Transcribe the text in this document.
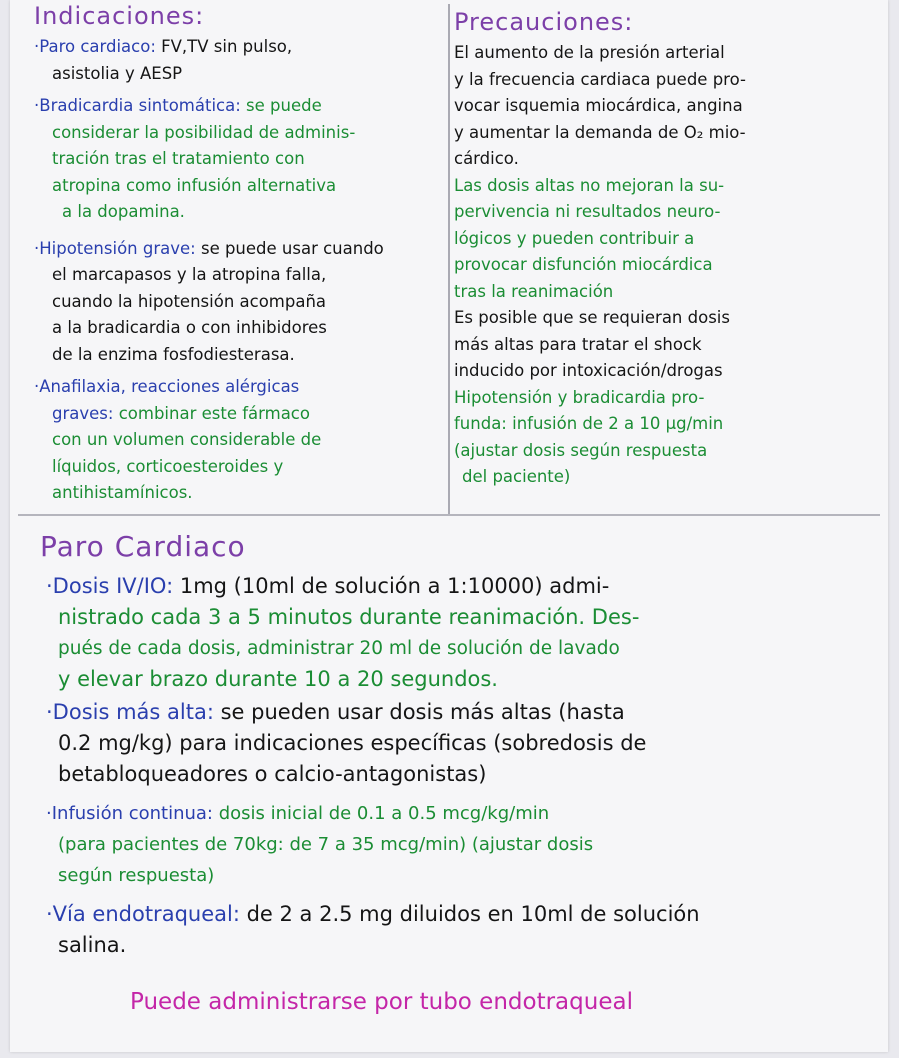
Indicaciones:

·Paro cardiaco: FV,TV sin pulso,

asistolia y AESP

·Bradicardia sintomática: se puede

considerar la posibilidad de adminis-

tración tras el tratamiento con

atropina como infusión alternativa

a la dopamina.

·Hipotensión grave: se puede usar cuando

el marcapasos y la atropina falla,

cuando la hipotensión acompaña

a la bradicardia o con inhibidores

de la enzima fosfodiesterasa.

·Anafilaxia, reacciones alérgicas

graves: combinar este fármaco

con un volumen considerable de

líquidos, corticoesteroides y

antihistamínicos.

Precauciones:

El aumento de la presión arterial

y la frecuencia cardiaca puede pro-

vocar isquemia miocárdica, angina

y aumentar la demanda de O₂ mio-

cárdico.

Las dosis altas no mejoran la su-

pervivencia ni resultados neuro-

lógicos y pueden contribuir a

provocar disfunción miocárdica

tras la reanimación

Es posible que se requieran dosis

más altas para tratar el shock

inducido por intoxicación/drogas

Hipotensión y bradicardia pro-

funda: infusión de 2 a 10 µg/min

(ajustar dosis según respuesta

del paciente)

Paro Cardiaco

·Dosis IV/IO: 1mg (10ml de solución a 1:10000) admi-

nistrado cada 3 a 5 minutos durante reanimación. Des-

pués de cada dosis, administrar 20 ml de solución de lavado

y elevar brazo durante 10 a 20 segundos.

·Dosis más alta: se pueden usar dosis más altas (hasta

0.2 mg/kg) para indicaciones específicas (sobredosis de

betabloqueadores o calcio-antagonistas)

·Infusión continua: dosis inicial de 0.1 a 0.5 mcg/kg/min

(para pacientes de 70kg: de 7 a 35 mcg/min) (ajustar dosis

según respuesta)

·Vía endotraqueal: de 2 a 2.5 mg diluidos en 10ml de solución

salina.

Puede administrarse por tubo endotraqueal
